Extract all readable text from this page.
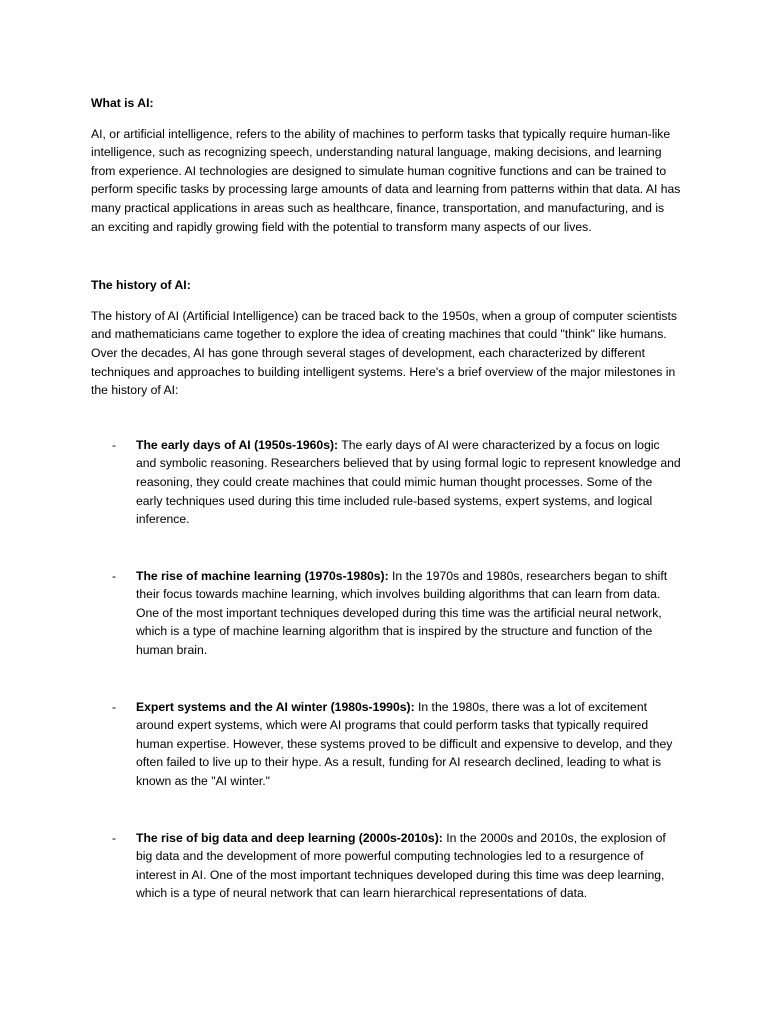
What is AI:

AI, or artificial intelligence, refers to the ability of machines to perform tasks that typically require human-like intelligence, such as recognizing speech, understanding natural language, making decisions, and learning from experience. AI technologies are designed to simulate human cognitive functions and can be trained to perform specific tasks by processing large amounts of data and learning from patterns within that data. AI has many practical applications in areas such as healthcare, finance, transportation, and manufacturing, and is an exciting and rapidly growing field with the potential to transform many aspects of our lives.

The history of AI:

The history of AI (Artificial Intelligence) can be traced back to the 1950s, when a group of computer scientists and mathematicians came together to explore the idea of creating machines that could "think" like humans. Over the decades, AI has gone through several stages of development, each characterized by different techniques and approaches to building intelligent systems. Here's a brief overview of the major milestones in the history of AI:

- The early days of AI (1950s-1960s): The early days of AI were characterized by a focus on logic and symbolic reasoning. Researchers believed that by using formal logic to represent knowledge and reasoning, they could create machines that could mimic human thought processes. Some of the early techniques used during this time included rule-based systems, expert systems, and logical inference.
- The rise of machine learning (1970s-1980s): In the 1970s and 1980s, researchers began to shift their focus towards machine learning, which involves building algorithms that can learn from data. One of the most important techniques developed during this time was the artificial neural network, which is a type of machine learning algorithm that is inspired by the structure and function of the human brain.
- Expert systems and the AI winter (1980s-1990s): In the 1980s, there was a lot of excitement around expert systems, which were AI programs that could perform tasks that typically required human expertise. However, these systems proved to be difficult and expensive to develop, and they often failed to live up to their hype. As a result, funding for AI research declined, leading to what is known as the "AI winter."
- The rise of big data and deep learning (2000s-2010s): In the 2000s and 2010s, the explosion of big data and the development of more powerful computing technologies led to a resurgence of interest in AI. One of the most important techniques developed during this time was deep learning, which is a type of neural network that can learn hierarchical representations of data.
